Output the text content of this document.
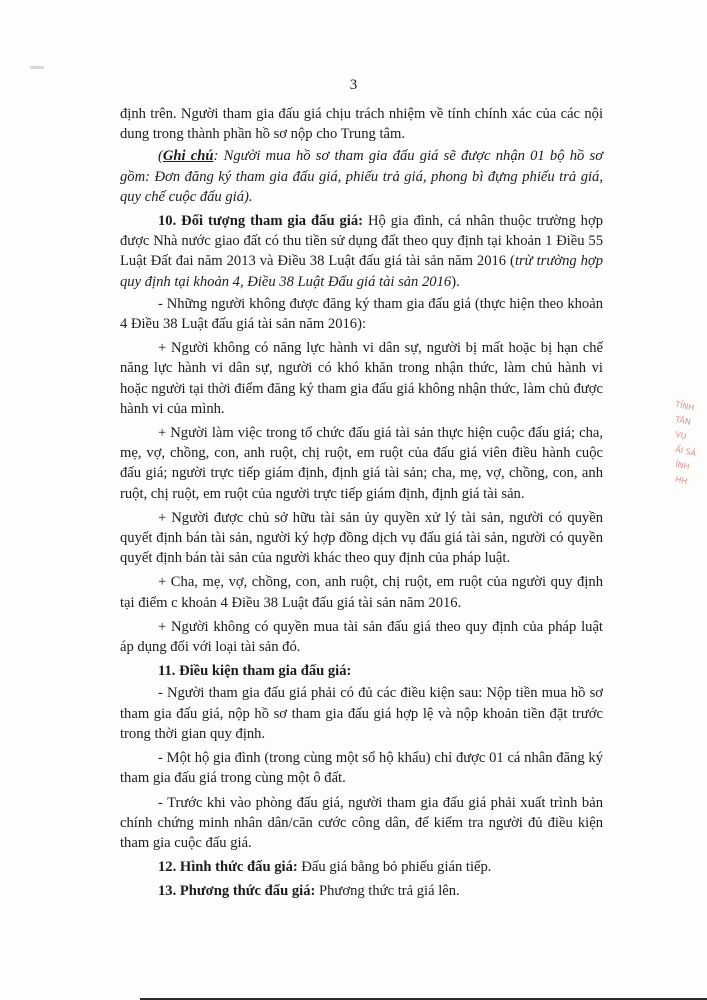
3

định trên. Người tham gia đấu giá chịu trách nhiệm về tính chính xác của các nội dung trong thành phần hồ sơ nộp cho Trung tâm.

(Ghi chú: Người mua hồ sơ tham gia đấu giá sẽ được nhận 01 bộ hồ sơ gồm: Đơn đăng ký tham gia đấu giá, phiếu trả giá, phong bì đựng phiếu trả giá, quy chế cuộc đấu giá).

10. Đối tượng tham gia đấu giá: Hộ gia đình, cá nhân thuộc trường hợp được Nhà nước giao đất có thu tiền sử dụng đất theo quy định tại khoản 1 Điều 55 Luật Đất đai năm 2013 và Điều 38 Luật đấu giá tài sản năm 2016 (trừ trường hợp quy định tại khoản 4, Điều 38 Luật Đấu giá tài sản 2016).

- Những người không được đăng ký tham gia đấu giá (thực hiện theo khoản 4 Điều 38 Luật đấu giá tài sản năm 2016):

+ Người không có năng lực hành vi dân sự, người bị mất hoặc bị hạn chế năng lực hành vi dân sự, người có khó khăn trong nhận thức, làm chủ hành vi hoặc người tại thời điểm đăng ký tham gia đấu giá không nhận thức, làm chủ được hành vi của mình.

+ Người làm việc trong tổ chức đấu giá tài sản thực hiện cuộc đấu giá; cha, mẹ, vợ, chồng, con, anh ruột, chị ruột, em ruột của đấu giá viên điều hành cuộc đấu giá; người trực tiếp giám định, định giá tài sản; cha, mẹ, vợ, chồng, con, anh ruột, chị ruột, em ruột của người trực tiếp giám định, định giá tài sản.

+ Người được chủ sở hữu tài sản ủy quyền xử lý tài sản, người có quyền quyết định bán tài sản, người ký hợp đồng dịch vụ đấu giá tài sản, người có quyền quyết định bán tài sản của người khác theo quy định của pháp luật.

+ Cha, mẹ, vợ, chồng, con, anh ruột, chị ruột, em ruột của người quy định tại điểm c khoản 4 Điều 38 Luật đấu giá tài sản năm 2016.

+ Người không có quyền mua tài sản đấu giá theo quy định của pháp luật áp dụng đối với loại tài sản đó.

11. Điều kiện tham gia đấu giá:

- Người tham gia đấu giá phải có đủ các điều kiện sau: Nộp tiền mua hồ sơ tham gia đấu giá, nộp hồ sơ tham gia đấu giá hợp lệ và nộp khoản tiền đặt trước trong thời gian quy định.

- Một hộ gia đình (trong cùng một sổ hộ khẩu) chỉ được 01 cá nhân đăng ký tham gia đấu giá trong cùng một ô đất.

- Trước khi vào phòng đấu giá, người tham gia đấu giá phải xuất trình bản chính chứng minh nhân dân/căn cước công dân, để kiểm tra người đủ điều kiện tham gia cuộc đấu giá.

12. Hình thức đấu giá: Đấu giá bằng bỏ phiếu gián tiếp.

13. Phương thức đấu giá: Phương thức trả giá lên.

TỈNH
TÂN
VỤ
ẤI SẢ
ÌNH
HH
